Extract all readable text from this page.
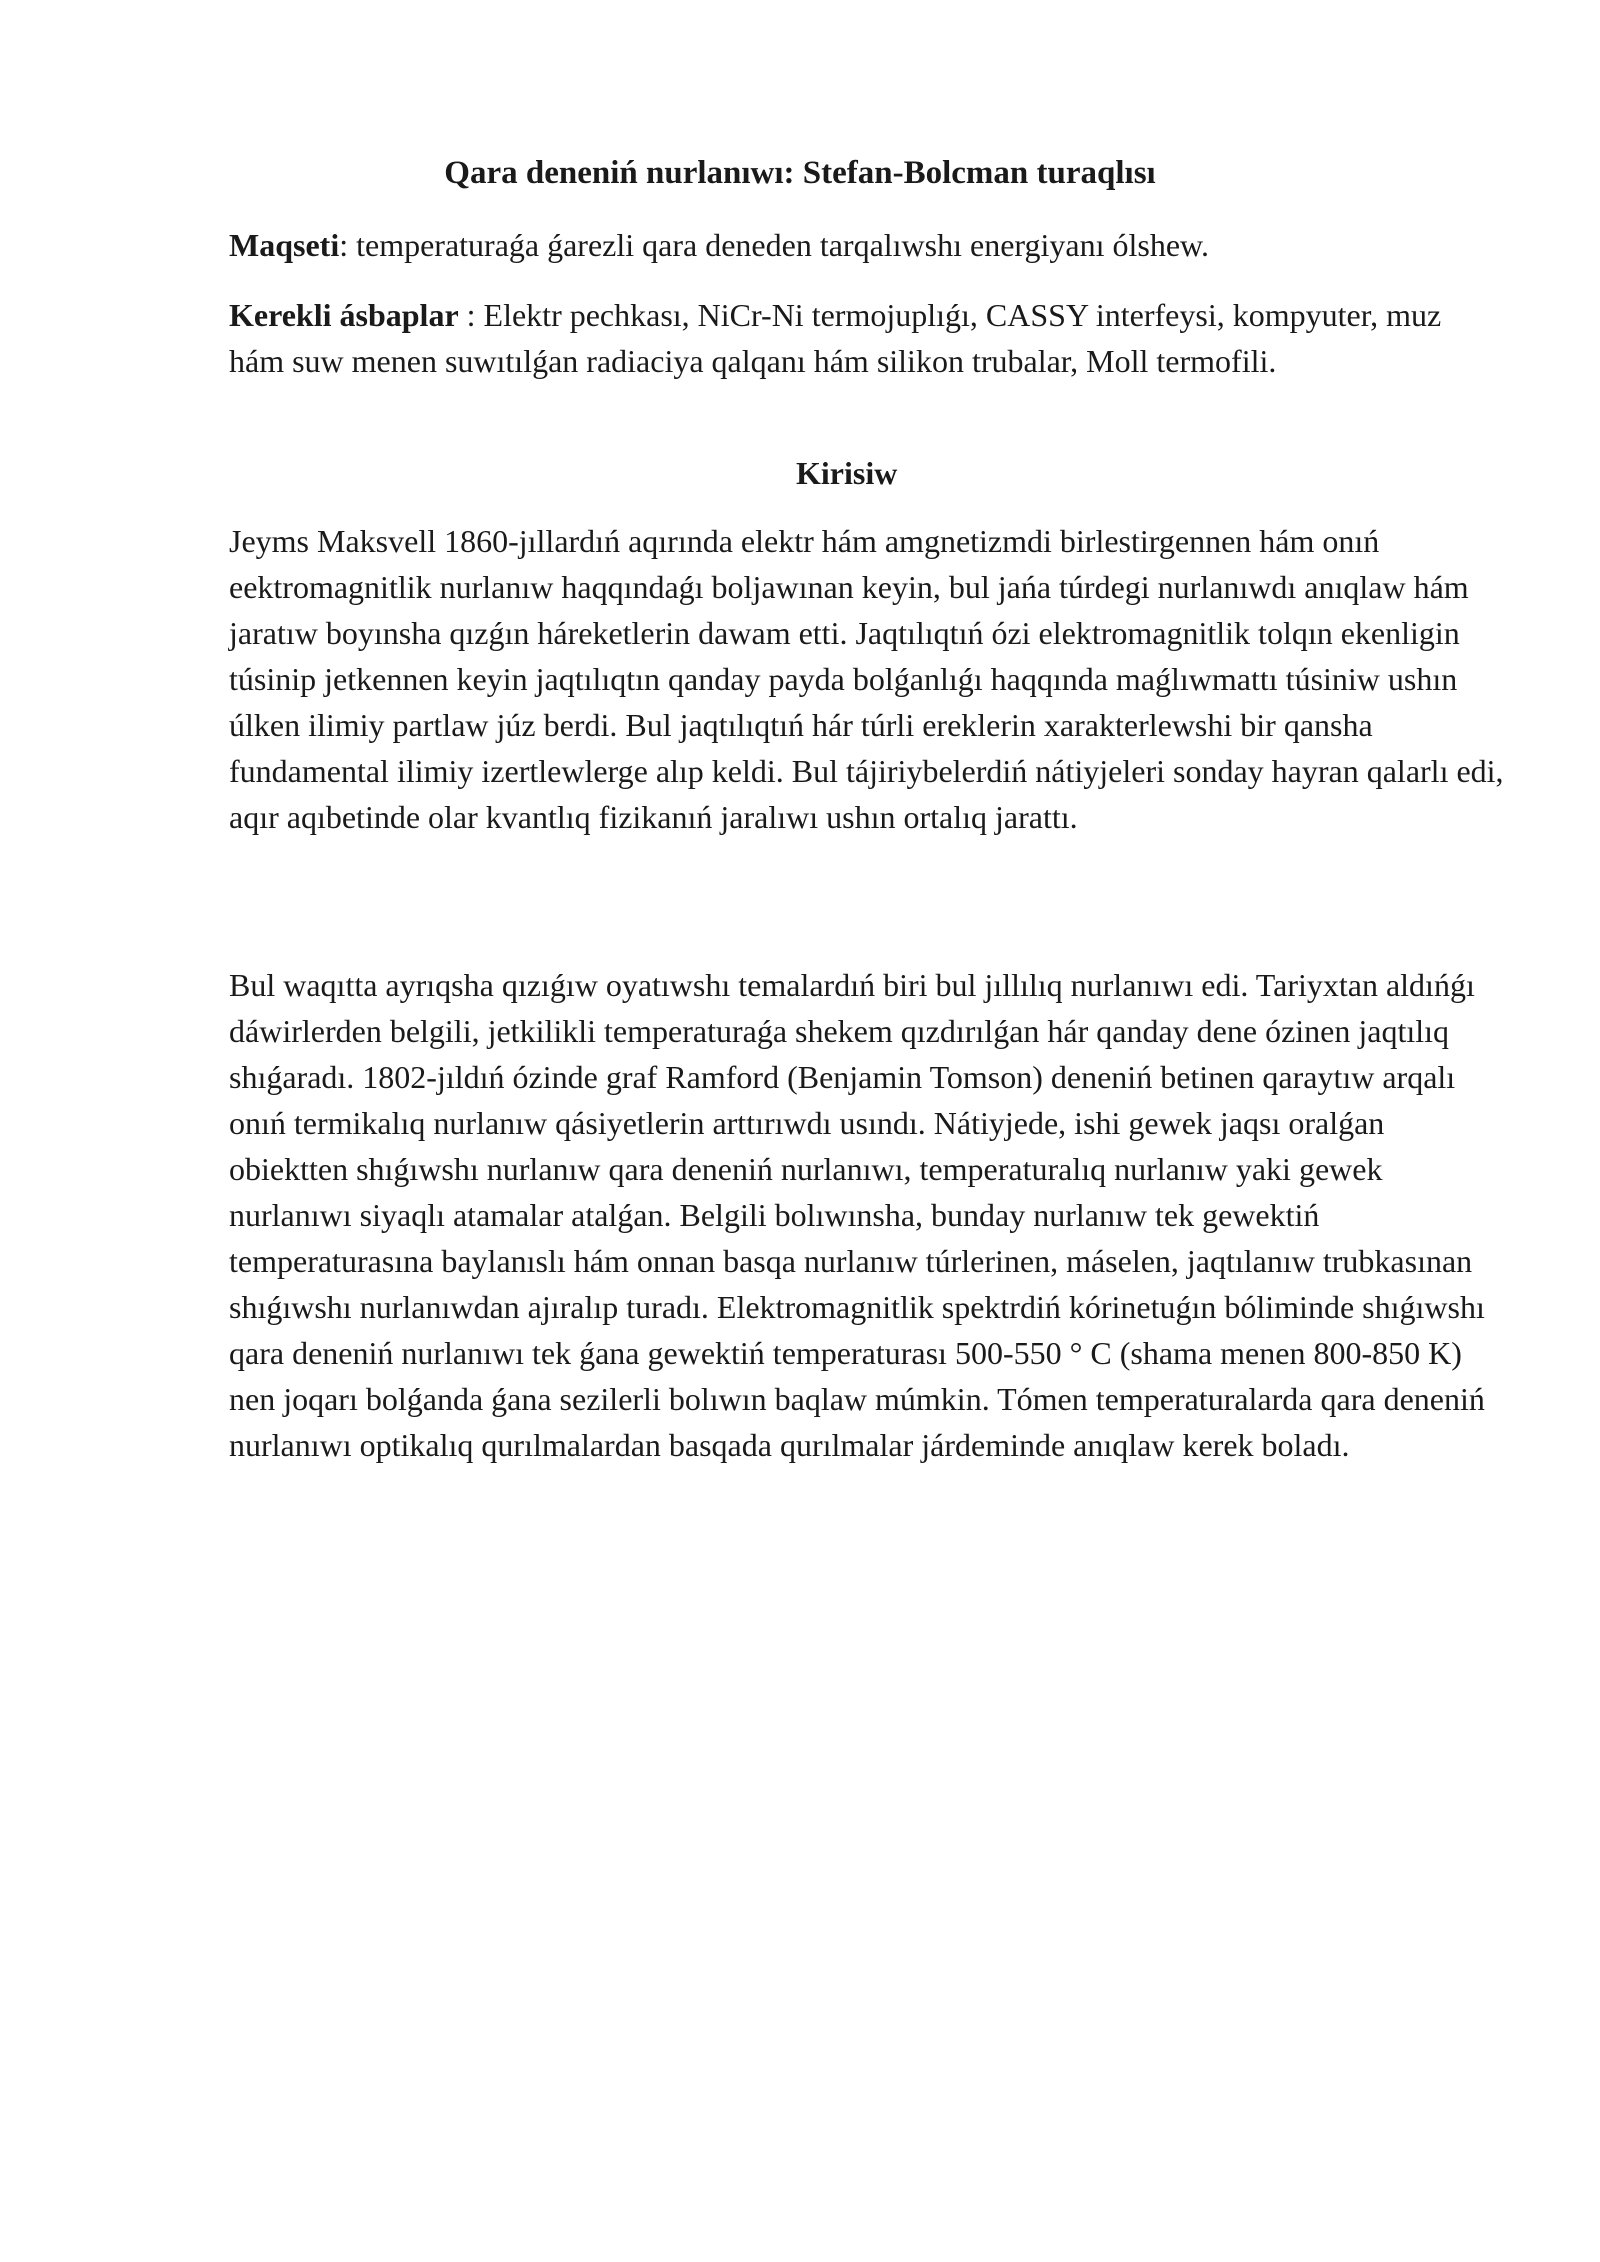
Qara deneniń nurlanıwı: Stefan-Bolcman turaqlısı

Maqseti: temperaturaǵa ǵarezli qara deneden tarqalıwshı energiyanı ólshew.

Kerekli ásbaplar : Elektr pechkası, NiCr-Ni termojuplıǵı, CASSY interfeysi, kompyuter, muz hám suw menen suwıtılǵan radiaciya qalqanı hám silikon trubalar, Moll termofili.

Kirisiw

Jeyms Maksvell 1860-jıllardıń aqırında elektr hám amgnetizmdi birlestirgennen hám onıń eektromagnitlik nurlanıw haqqındaǵı boljawınan keyin, bul jańa túrdegi nurlanıwdı anıqlaw hám jaratıw boyınsha qızǵın háreketlerin dawam etti. Jaqtılıqtıń ózi elektromagnitlik tolqın ekenligin túsinip jetkennen keyin jaqtılıqtın qanday payda bolǵanlıǵı haqqında maǵlıwmattı túsiniw ushın úlken ilimiy partlaw júz berdi. Bul jaqtılıqtıń hár túrli ereklerin xarakterlewshi bir qansha fundamental ilimiy izertlewlerge alıp keldi. Bul tájiriybelerdiń nátiyjeleri sonday hayran qalarlı edi, aqır aqıbetinde olar kvantlıq fizikanıń jaralıwı ushın ortalıq jarattı.

Bul waqıtta ayrıqsha qızıǵıw oyatıwshı temalardıń biri bul jıllılıq nurlanıwı edi. Tariyxtan aldıńǵı dáwirlerden belgili, jetkilikli temperaturaǵa shekem qızdırılǵan hár qanday dene ózinen jaqtılıq shıǵaradı. 1802-jıldıń ózinde graf Ramford (Benjamin Tomson) deneniń betinen qaraytıw arqalı onıń termikalıq nurlanıw qásiyetlerin arttırıwdı usındı. Nátiyjede, ishi gewek jaqsı oralǵan obiektten shıǵıwshı nurlanıw qara deneniń nurlanıwı, temperaturalıq nurlanıw yaki gewek nurlanıwı siyaqlı atamalar atalǵan. Belgili bolıwınsha, bunday nurlanıw tek gewektiń temperaturasına baylanıslı hám onnan basqa nurlanıw túrlerinen, máselen, jaqtılanıw trubkasınan shıǵıwshı nurlanıwdan ajıralıp turadı. Elektromagnitlik spektrdiń kórinetuǵın bóliminde shıǵıwshı qara deneniń nurlanıwı tek ǵana gewektiń temperaturası 500-550 ° C (shama menen 800-850 K) nen joqarı bolǵanda ǵana sezilerli bolıwın baqlaw múmkin. Tómen temperaturalarda qara deneniń nurlanıwı optikalıq qurılmalardan basqada qurılmalar járdeminde anıqlaw kerek boladı.
